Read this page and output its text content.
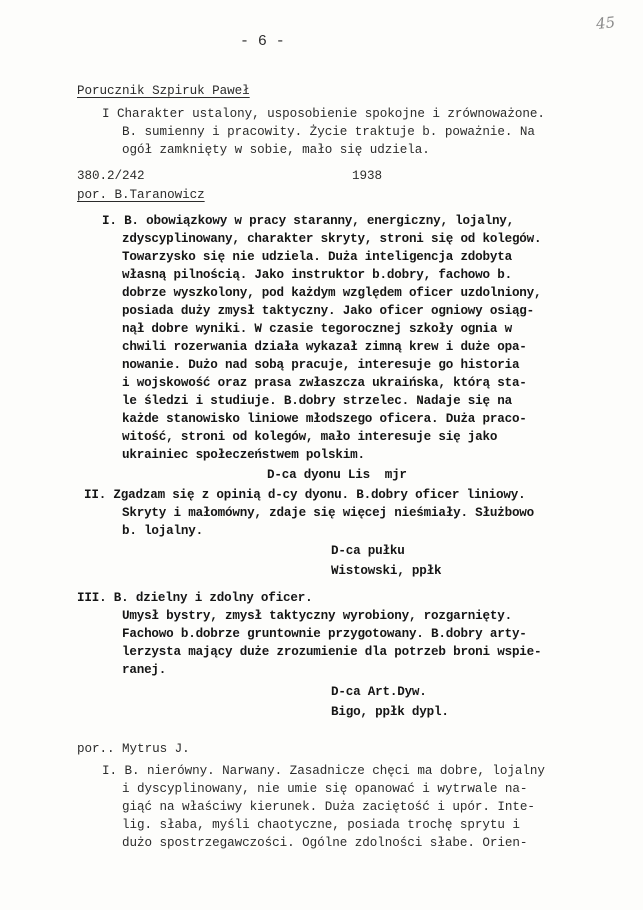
- 6 -
45
Porucznik Szpiruk Paweł
I Charakter ustalony, usposobienie spokojne i zrównoważone.
B. sumienny i pracowity. Życie traktuje b. poważnie. Na
ogół zamknięty w sobie, mało się udziela.
380.2/242	1938
por. B.Taranowicz
I. B. obowiązkowy w pracy staranny, energiczny, lojalny,
zdyscyplinowany, charakter skryty, stroni się od kolegów.
Towarzysko się nie udziela. Duża inteligencja zdobyta
własną pilnością. Jako instruktor b.dobry, fachowo b.
dobrze wyszkolony, pod każdym względem oficer uzdolniony,
posiada duży zmysł taktyczny. Jako oficer ogniowy osiąg-
nął dobre wyniki. W czasie tegorocznej szkoły ognia w
chwili rozerwania działa wykazał zimną krew i duże opa-
nowanie. Dużo nad sobą pracuje, interesuje go historia
i wojskowość oraz prasa zwłaszcza ukraińska, którą sta-
le śledzi i studiuje. B.dobry strzelec. Nadaje się na
każde stanowisko liniowe młodszego oficera. Duża praco-
witość, stroni od kolegów, mało interesuje się jako
ukrainiec społeczeństwem polskim.
D-ca dyonu Lis  mjr
II. Zgadzam się z opinią d-cy dyonu. B.dobry oficer liniowy.
Skryty i małomówny, zdaje się więcej nieśmiały. Służbowo
b. lojalny.
D-ca pułku
Wistowski, ppłk
III. B. dzielny i zdolny oficer.
Umysł bystry, zmysł taktyczny wyrobiony, rozgarnięty.
Fachowo b.dobrze gruntownie przygotowany. B.dobry arty-
lerzysta mający duże zrozumienie dla potrzeb broni wspie-
ranej.
D-ca Art.Dyw.
Bigo, ppłk dypl.
por.. Mytrus J.
I. B. nierówny. Narwany. Zasadnicze chęci ma dobre, lojalny
i dyscyplinowany, nie umie się opanować i wytrwale na-
giąć na właściwy kierunek. Duża zaciętość i upór. Inte-
lig. słaba, myśli chaotyczne, posiada trochę sprytu i
dużo spostrzegawczości. Ogólne zdolności słabe. Orien-
